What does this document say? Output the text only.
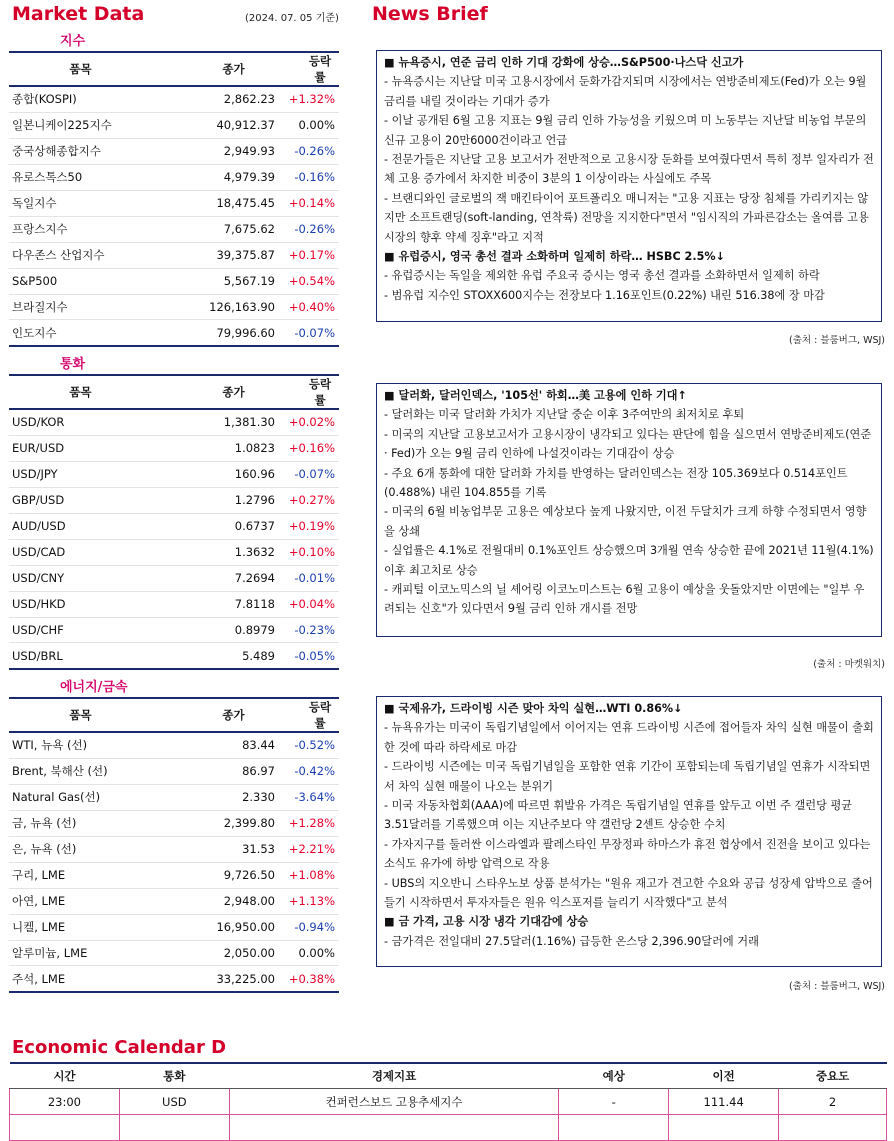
Market Data	(2024. 07. 05 기준) News Brief
지수
품목	종가	등락률
종합(KOSPI)	2,862.23	+1.32%
일본니케이225지수	40,912.37	0.00%
중국상해종합지수	2,949.93	-0.26%
유로스톡스50	4,979.39	-0.16%
독일지수	18,475.45	+0.14%
프랑스지수	7,675.62	-0.26%
다우존스 산업지수	39,375.87	+0.17%
S&P500	5,567.19	+0.54%
브라질지수	126,163.90	+0.40%
인도지수	79,996.60	-0.07%
통화
품목	종가	등락률
USD/KOR	1,381.30	+0.02%
EUR/USD	1.0823	+0.16%
USD/JPY	160.96	-0.07%
GBP/USD	1.2796	+0.27%
AUD/USD	0.6737	+0.19%
USD/CAD	1.3632	+0.10%
USD/CNY	7.2694	-0.01%
USD/HKD	7.8118	+0.04%
USD/CHF	0.8979	-0.23%
USD/BRL	5.489	-0.05%
에너지/금속
품목	종가	등락률
WTI, 뉴욕 (선)	83.44	-0.52%
Brent, 북해산 (선)	86.97	-0.42%
Natural Gas(선)	2.330	-3.64%
금, 뉴욕 (선)	2,399.80	+1.28%
은, 뉴욕 (선)	31.53	+2.21%
구리, LME	9,726.50	+1.08%
아연, LME	2,948.00	+1.13%
니켈, LME	16,950.00	-0.94%
알루미늄, LME	2,050.00	0.00%
주석, LME	33,225.00	+0.38%

■ 뉴욕증시, 연준 금리 인하 기대 강화에 상승…S&P500·나스닥 신고가

- 뉴욕증시는 지난달 미국 고용시장에서 둔화가감지되며 시장에서는 연방준비제도(Fed)가 오는 9월 금리를 내릴 것이라는 기대가 증가

- 이날 공개된 6월 고용 지표는 9월 금리 인하 가능성을 키웠으며 미 노동부는 지난달 비농업 부문의신규 고용이 20만6000건이라고 언급

- 전문가들은 지난달 고용 보고서가 전반적으로 고용시장 둔화를 보여줬다면서 특히 정부 일자리가 전체 고용 증가에서 차지한 비중이 3분의 1 이상이라는 사실에도 주목

- 브랜디와인 글로벌의 잭 매킨타이어 포트폴리오 매니저는 "고용 지표는 당장 침체를 가리키지는 않지만 소프트랜딩(soft-landing, 연착륙) 전망을 지지한다"면서 "임시직의 가파른감소는 올여름 고용시장의 향후 약세 징후"라고 지적

■ 유럽증시, 영국 총선 결과 소화하며 일제히 하락… HSBC 2.5%↓

- 유럽증시는 독일을 제외한 유럽 주요국 증시는 영국 총선 결과를 소화하면서 일제히 하락

- 범유럽 지수인 STOXX600지수는 전장보다 1.16포인트(0.22%) 내린 516.38에 장 마감

(출처 : 블룸버그, WSJ)

■ 달러화, 달러인덱스, '105선' 하회…美 고용에 인하 기대↑

- 달러화는 미국 달러화 가치가 지난달 중순 이후 3주여만의 최저치로 후퇴

- 미국의 지난달 고용보고서가 고용시장이 냉각되고 있다는 판단에 힘을 실으면서 연방준비제도(연준 · Fed)가 오는 9월 금리 인하에 나설것이라는 기대감이 상승

- 주요 6개 통화에 대한 달러화 가치를 반영하는 달러인덱스는 전장 105.369보다 0.514포인트(0.488%) 내린 104.855를 기록

- 미국의 6월 비농업부문 고용은 예상보다 높게 나왔지만, 이전 두달치가 크게 하향 수정되면서 영향을 상쇄

- 실업률은 4.1%로 전월대비 0.1%포인트 상승했으며 3개월 연속 상승한 끝에 2021년 11월(4.1%) 이후 최고치로 상승

- 캐피털 이코노믹스의 닐 셰어링 이코노미스트는 6월 고용이 예상을 웃돌았지만 이면에는 "일부 우려되는 신호"가 있다면서 9월 금리 인하 개시를 전망

(출처 : 마켓워치)

■ 국제유가, 드라이빙 시즌 맞아 차익 실현…WTI 0.86%↓

- 뉴욕유가는 미국이 독립기념일에서 이어지는 연휴 드라이빙 시즌에 접어들자 차익 실현 매물이 출회한 것에 따라 하락세로 마감

- 드라이빙 시즌에는 미국 독립기념일을 포함한 연휴 기간이 포함되는데 독립기념일 연휴가 시작되면서 차익 실현 매물이 나오는 분위기

- 미국 자동차협회(AAA)에 따르면 휘발유 가격은 독립기념일 연휴를 앞두고 이번 주 갤런당 평균 3.51달러를 기록했으며 이는 지난주보다 약 갤런당 2센트 상승한 수치

- 가자지구를 둘러싼 이스라엘과 팔레스타인 무장정파 하마스가 휴전 협상에서 진전을 보이고 있다는 소식도 유가에 하방 압력으로 작용

- UBS의 지오반니 스타우노보 상품 분석가는 "원유 재고가 견고한 수요와 공급 성장세 압박으로 줄어들기 시작하면서 투자자들은 원유 익스포저를 늘리기 시작했다"고 분석

■ 금 가격, 고용 시장 냉각 기대감에 상승

- 금가격은 전일대비 27.5달러(1.16%) 급등한 온스당 2,396.90달러에 거래

(출처 : 블룸버그, WSJ)
Economic Calendar D
시간	통화	경제지표	예상	이전	중요도
23:00	USD	컨퍼런스보드 고용추세지수	-	111.44	2
